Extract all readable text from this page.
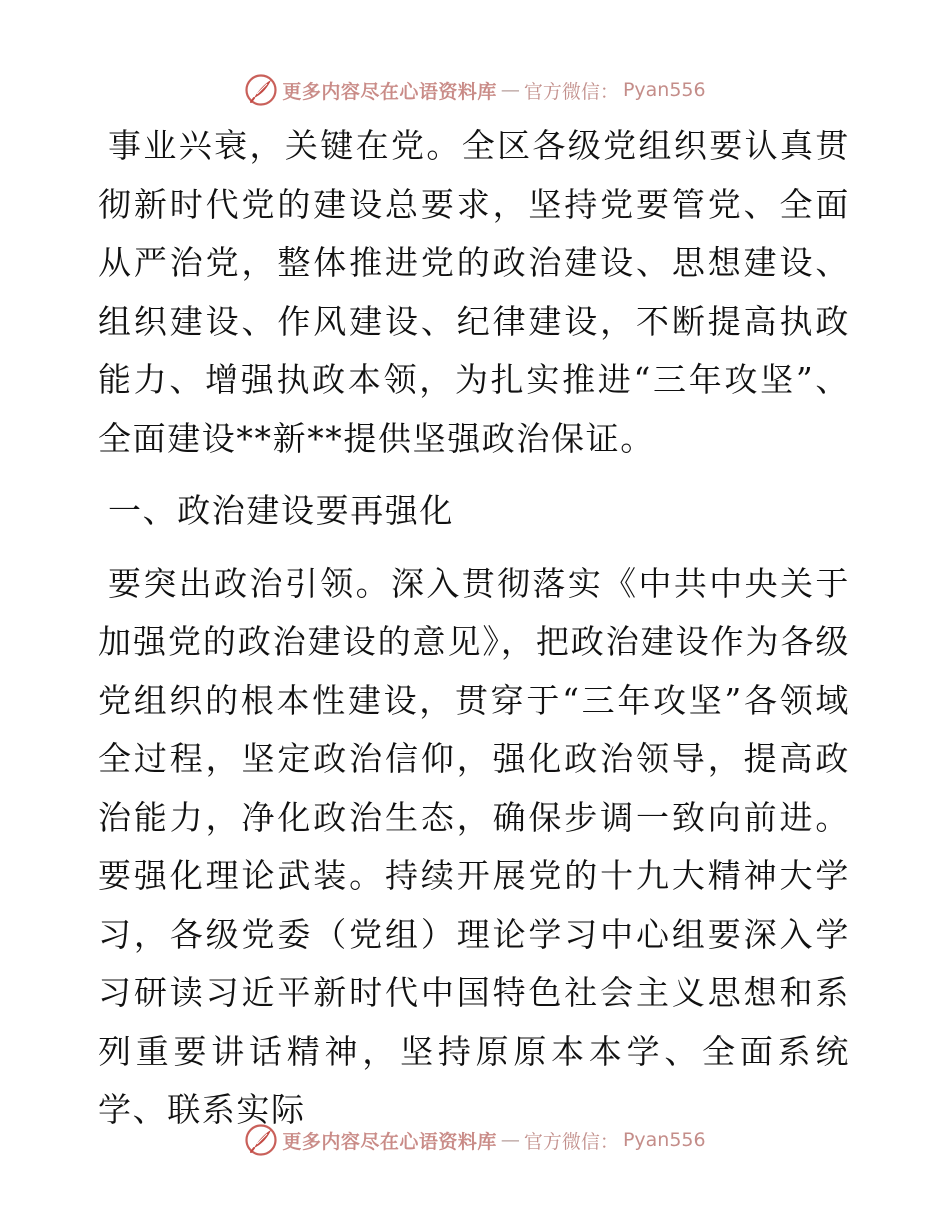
更多内容尽在心语资料库 — 官方微信： Pyan556

事业兴衰，关键在党。全区各级党组织要认真贯彻新时代党的建设总要求，坚持党要管党、全面从严治党，整体推进党的政治建设、思想建设、组织建设、作风建设、纪律建设，不断提高执政能力、增强执政本领，为扎实推进“三年攻坚”、全面建设**新**提供坚强政治保证。

一、政治建设要再强化

要突出政治引领。深入贯彻落实《中共中央关于加强党的政治建设的意见》，把政治建设作为各级党组织的根本性建设，贯穿于“三年攻坚”各领域全过程，坚定政治信仰，强化政治领导，提高政治能力，净化政治生态，确保步调一致向前进。要强化理论武装。持续开展党的十九大精神大学习，各级党委（党组）理论学习中心组要深入学习研读习近平新时代中国特色社会主义思想和系列重要讲话精神，坚持原原本本学、全面系统学、联系实际

更多内容尽在心语资料库 — 官方微信： Pyan556
